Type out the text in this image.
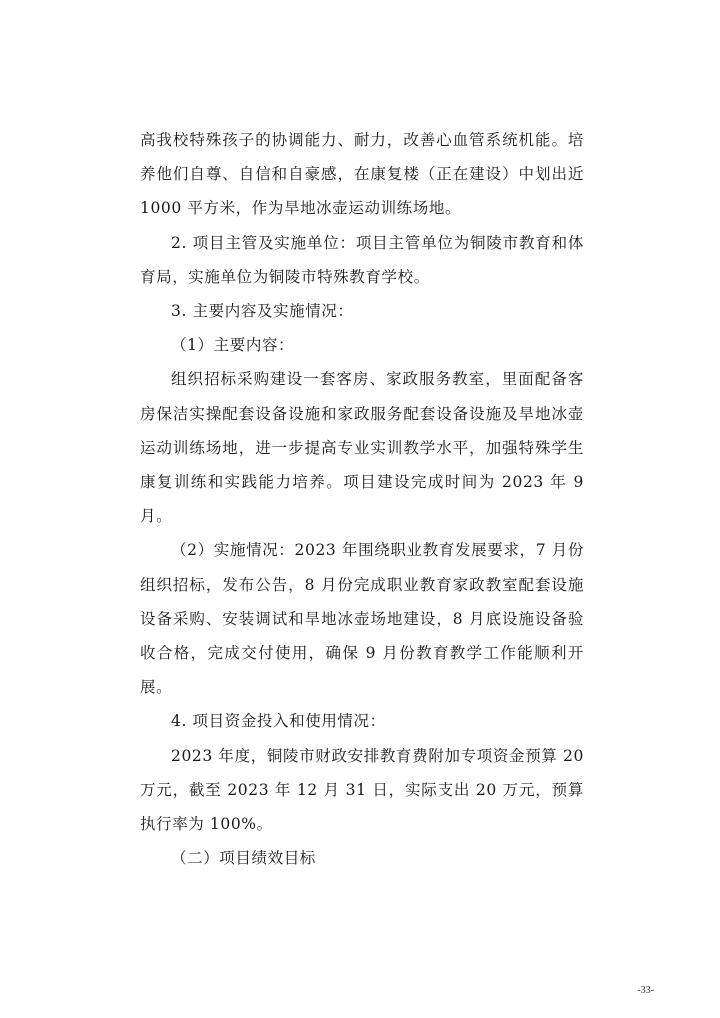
高我校特殊孩子的协调能力、耐力，改善心血管系统机能。培养他们自尊、自信和自豪感，在康复楼（正在建设）中划出近 1000 平方米，作为旱地冰壶运动训练场地。

2. 项目主管及实施单位：项目主管单位为铜陵市教育和体育局，实施单位为铜陵市特殊教育学校。

3. 主要内容及实施情况：

（1）主要内容：

组织招标采购建设一套客房、家政服务教室，里面配备客房保洁实操配套设备设施和家政服务配套设备设施及旱地冰壶运动训练场地，进一步提高专业实训教学水平，加强特殊学生康复训练和实践能力培养。项目建设完成时间为 2023 年 9 月。

（2）实施情况：2023 年围绕职业教育发展要求，7 月份组织招标，发布公告，8 月份完成职业教育家政教室配套设施设备采购、安装调试和旱地冰壶场地建设，8 月底设施设备验收合格，完成交付使用，确保 9 月份教育教学工作能顺利开展。

4. 项目资金投入和使用情况：

2023 年度，铜陵市财政安排教育费附加专项资金预算 20 万元，截至 2023 年 12 月 31 日，实际支出 20 万元，预算执行率为 100%。

（二）项目绩效目标

-33-
